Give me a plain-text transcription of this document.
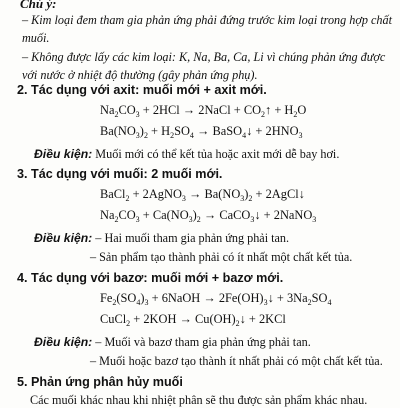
Chú ý:
– Kim loại đem tham gia phản ứng phải đứng trước kim loại trong hợp chất muối.
– Không được lấy các kim loại: K, Na, Ba, Ca, Li vì chúng phản ứng được với nước ở nhiệt độ thường (gây phản ứng phụ).
2. Tác dụng với axit: muối mới + axit mới.
$Na_2CO_3 + 2HCl$ → 2NaCl + $CO_2↑ + H_2O$
$Ba(NO_3)_2 + H_2SO_4$ → BaSO$_4$↓ + $2HNO_3$
Điều kiện: Muối mới có thể kết tủa hoặc axit mới dễ bay hơi.
3. Tác dụng với muối: 2 muối mới.
BaCl$_2$ + 2AgNO$_3$ → $Ba(NO_3)_2$ + 2AgCl↓
$Na_2CO_3 + Ca(NO_3)_2$ → CaCO$_3$↓ + 2NaNO$_3$
Điều kiện: – Hai muối tham gia phản ứng phải tan.
– Sản phẩm tạo thành phải có ít nhất một chất kết tủa.
4. Tác dụng với bazơ: muối mới + bazơ mới.
$Fe_2(SO_4)_3$ + 6NaOH → $2Fe(OH)_3↓ + 3Na_2SO_4$
CuCl$_2$ + $2KOH \to Cu(OH)_2↓ + 2KCl$
Điều kiện: – Muối và bazơ tham gia phản ứng phải tan.
– Muối hoặc bazơ tạo thành ít nhất phải có một chất kết tủa.
5. Phản ứng phân hủy muối
Các muối khác nhau khi nhiệt phân sẽ thu được sản phẩm khác nhau.
